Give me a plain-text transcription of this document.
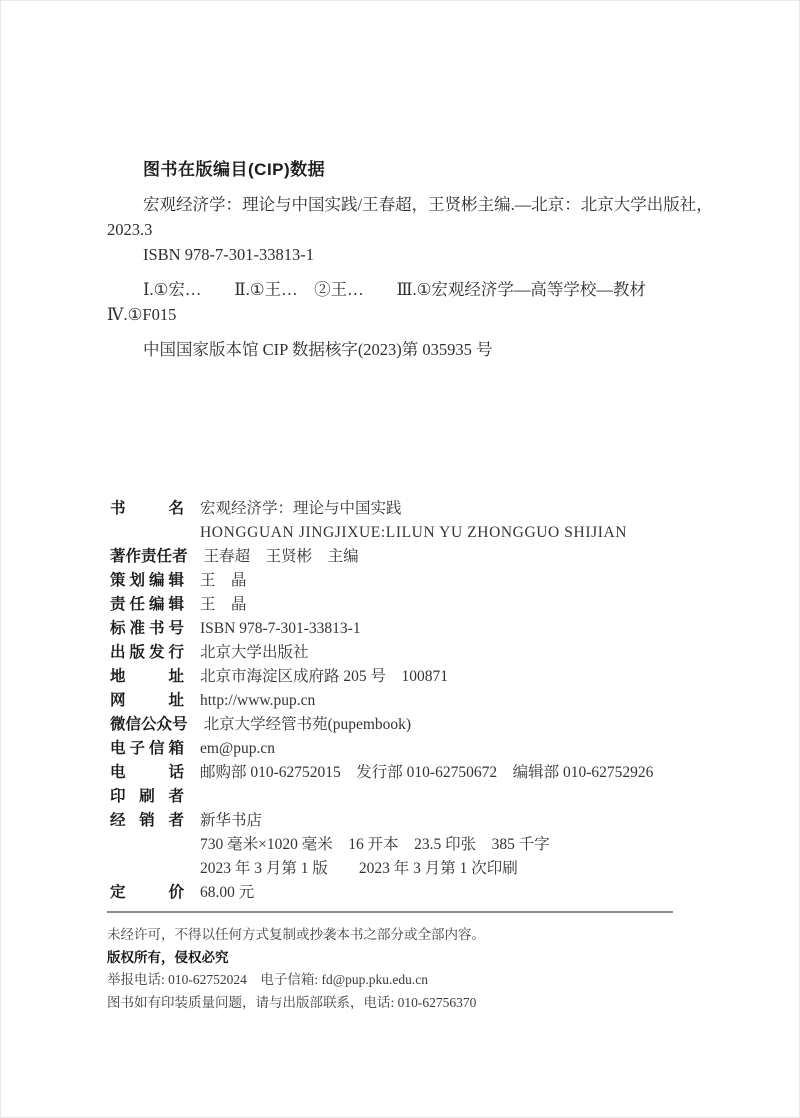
图书在版编目(CIP)数据
宏观经济学：理论与中国实践/王春超，王贤彬主编.—北京：北京大学出版社，
2023.3
ISBN 978-7-301-33813-1
Ⅰ.①宏…　　Ⅱ.①王…　②王…　　Ⅲ.①宏观经济学—高等学校—教材
Ⅳ.①F015
中国国家版本馆 CIP 数据核字(2023)第 035935 号
书	名 宏观经济学：理论与中国实践
HONGGUAN JINGJIXUE:LILUN YU ZHONGGUO SHIJIAN
著 作 责 任 者 王春超　王贤彬　主编
策 划 编 辑 王　晶
责 任 编 辑 王　晶
标 准 书 号 ISBN 978-7-301-33813-1
出 版 发 行 北京大学出版社
地	址 北京市海淀区成府路 205 号　100871
网	址 http://www.pup.cn
微 信 公 众 号 北京大学经管书苑(pupembook)
电 子 信 箱 em@pup.cn
电	话 邮购部 010-62752015　发行部 010-62750672　编辑部 010-62752926
印 刷 者
经 销 者 新华书店
730 毫米×1020 毫米　16 开本　23.5 印张　385 千字
2023 年 3 月第 1 版　　2023 年 3 月第 1 次印刷
定	价 68.00 元
未经许可，不得以任何方式复制或抄袭本书之部分或全部内容。
版权所有，侵权必究
举报电话: 010-62752024　电子信箱: fd@pup.pku.edu.cn
图书如有印装质量问题，请与出版部联系，电话: 010-62756370
